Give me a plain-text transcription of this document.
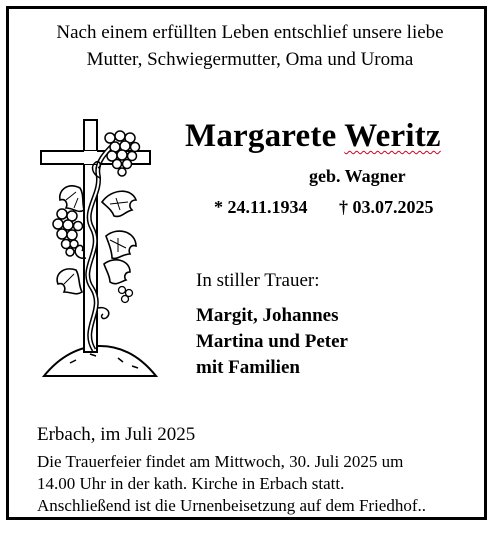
Nach einem erfüllten Leben entschlief unsere liebe
Mutter, Schwiegermutter, Oma und Uroma
Margarete Weritz
geb. Wagner
* 24.11.1934 † 03.07.2025
In stiller Trauer:
Margit, Johannes
Martina und Peter
mit Familien
Erbach, im Juli 2025
Die Trauerfeier findet am Mittwoch, 30. Juli 2025 um
14.00 Uhr in der kath. Kirche in Erbach statt.
Anschließend ist die Urnenbeisetzung auf dem Friedhof..
